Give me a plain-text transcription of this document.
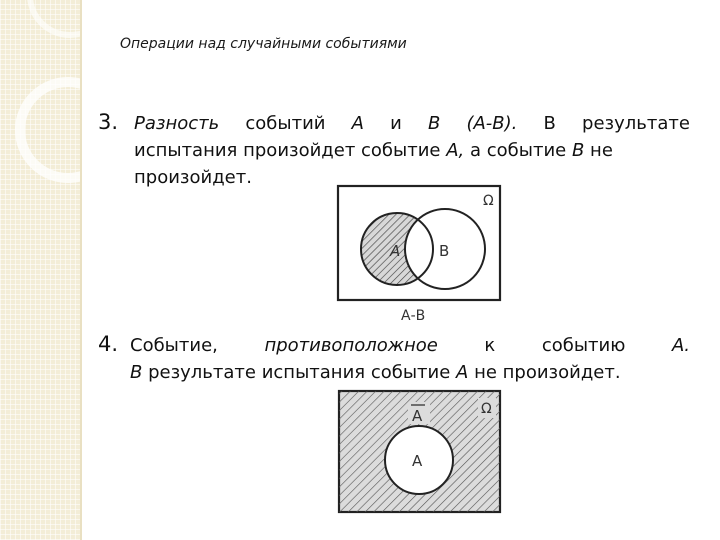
Операции над случайными событиями
3. Разность событий А и В (А-В). В результате
испытания произойдет событие А, а событие В не
произойдет.
Ω
А	В
А-В
4. Событие,	противоположное	к	событию	А.
В результате испытания событие А не произойдет.
А	Ω
А
